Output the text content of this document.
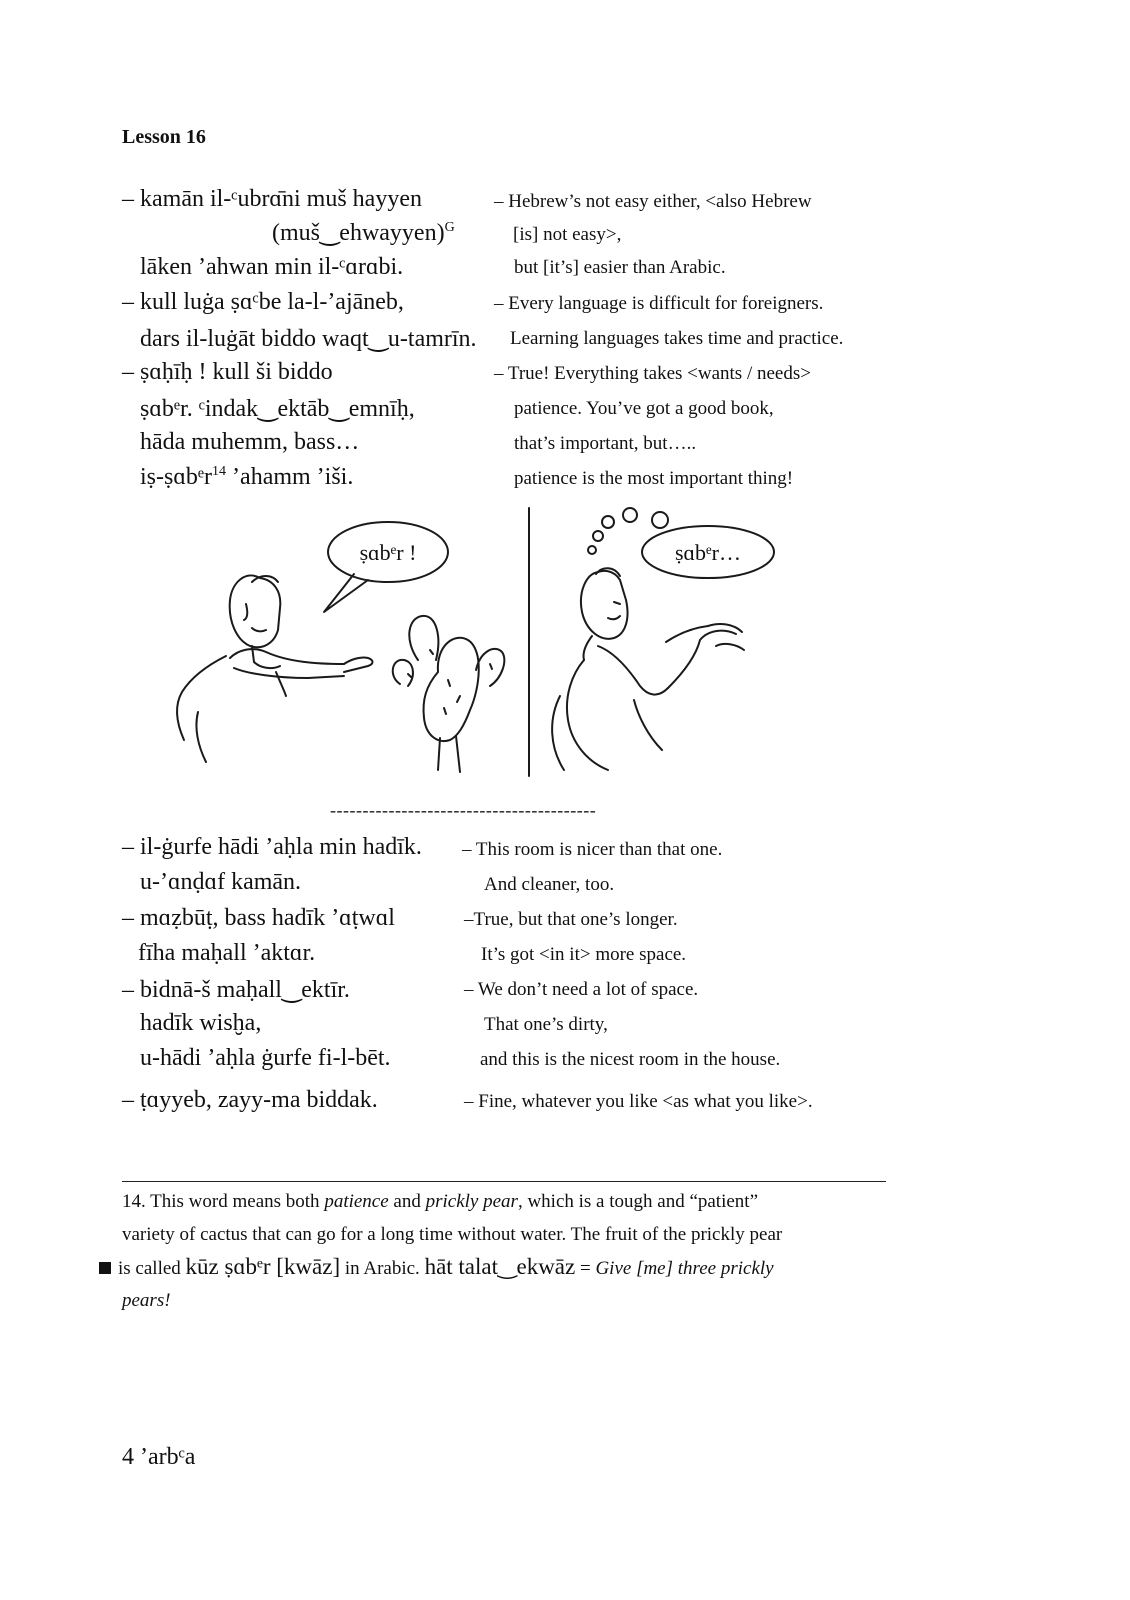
Lesson 16
– kamān il-ᶜubrɑ̄ni muš hayyen
(muš‿ehwayyen)$^G$
lāken ’ahwan min il-ᶜɑrɑbi.
– kull luġa ṣɑᶜbe la-l-’ajāneb,
dars il-luġāt biddo waqt‿u-tamrīn.
– ṣɑḥīḥ ! kull ši biddo
ṣɑbᵉr. ᶜindak‿ektāb‿emnīḥ,
hāda muhemm, bass…
iṣ-ṣɑbᵉr$^{14}$ ’ahamm ’iši.
– Hebrew’s not easy either, <also Hebrew
[is] not easy>,
but [it’s] easier than Arabic.
– Every language is difficult for foreigners.
Learning languages takes time and practice.
– True! Everything takes <wants / needs>
patience. You’ve got a good book,
that’s important, but…..
patience is the most important thing!
ṣɑbᵉr !	ṣɑbᵉr…
-----------------------------------------
– il-ġurfe hādi ’aḥla min hadīk.
u-’ɑnḍɑf kamān.
– mɑẓbūṭ, bass hadīk ’ɑṭwɑl
fīha maḥall ’aktɑr.
– bidnā-š maḥall‿ektīr.
hadīk wisḫa,
u-hādi ’aḥla ġurfe fi-l-bēt.
– ṭɑyyeb, zayy-ma biddak.
– This room is nicer than that one.
And cleaner, too.
–True, but that one’s longer.
It’s got <in it> more space.
– We don’t need a lot of space.
That one’s dirty,
and this is the nicest room in the house.
– Fine, whatever you like <as what you like>.
14. This word means both patience and prickly pear, which is a tough and “patient”
variety of cactus that can go for a long time without water. The fruit of the prickly pear
is called kūz ṣɑbᵉr [kwāz] in Arabic. hāt talat‿ekwāz = Give [me] three prickly
pears!
4 ’arbᶜa
